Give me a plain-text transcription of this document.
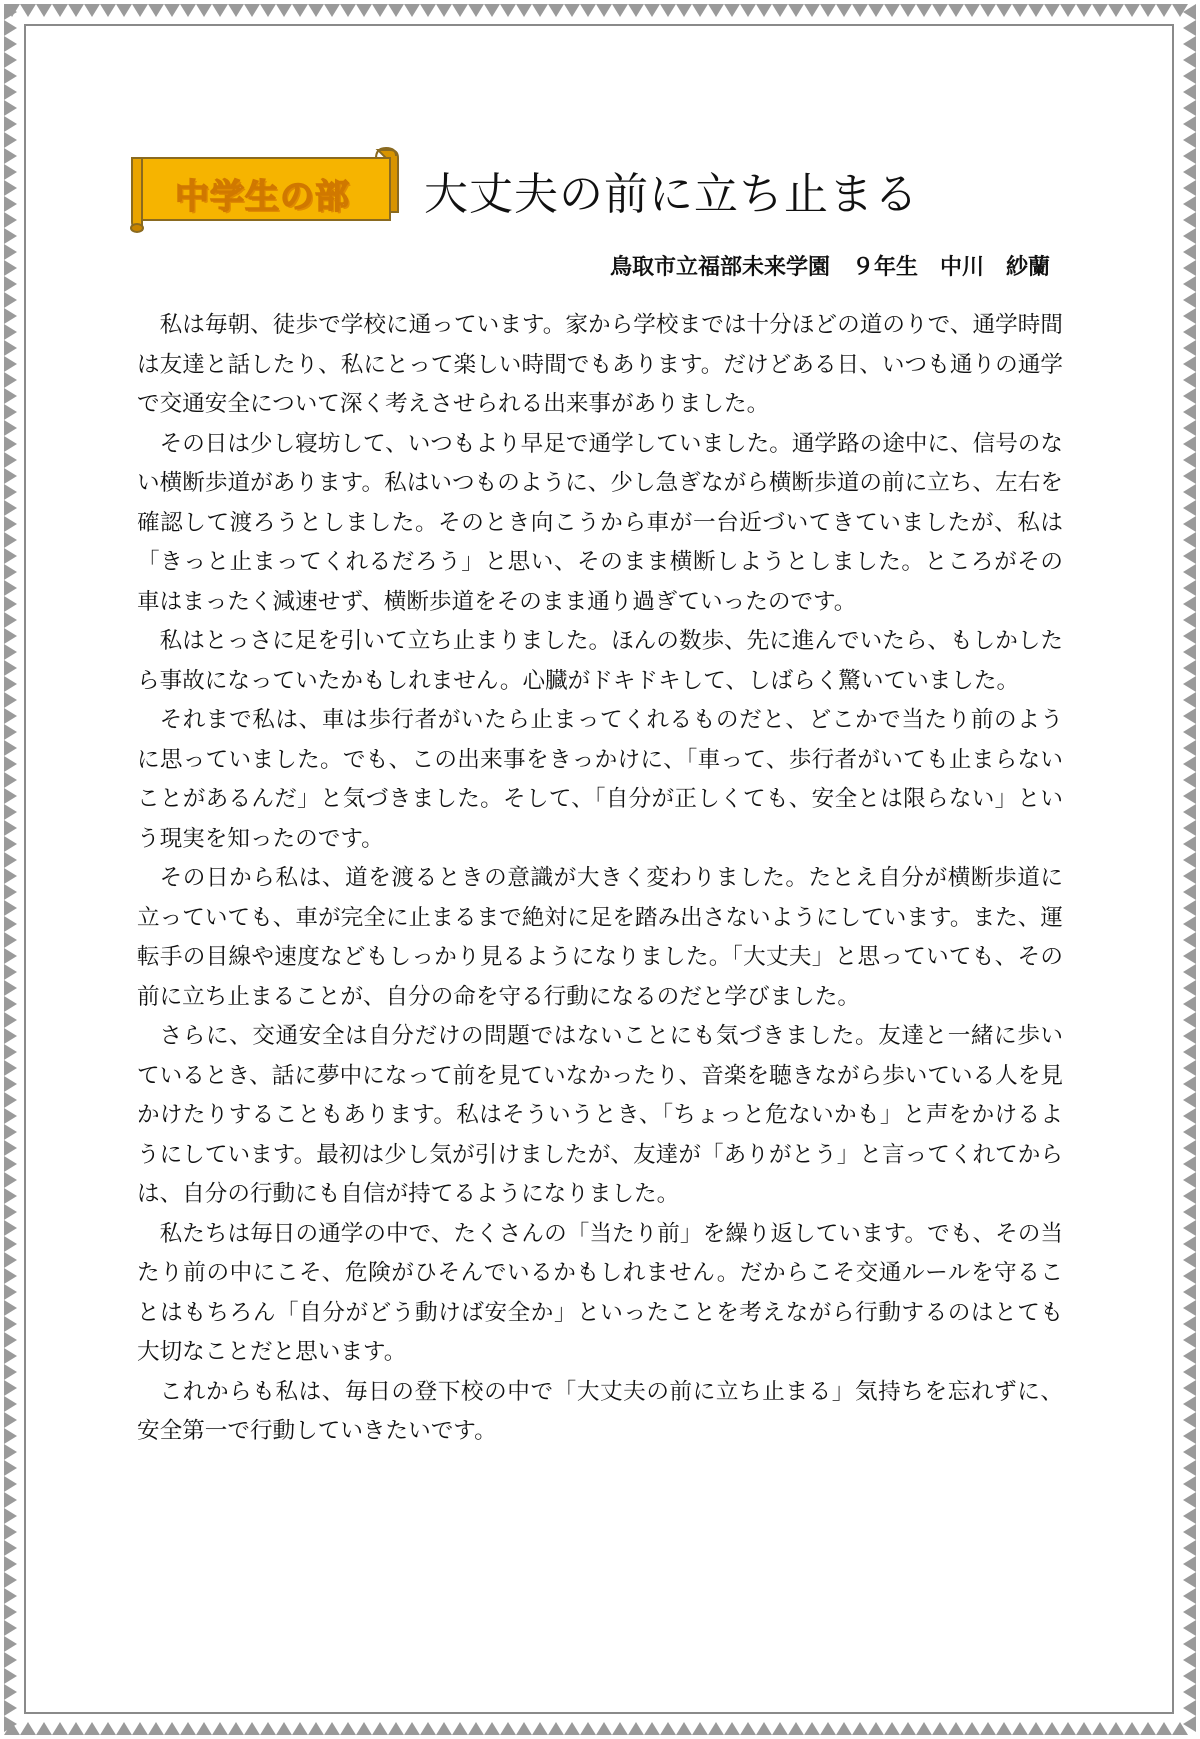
中学生の部	大丈夫の前に立ち止まる
鳥取市立福部未来学園　９年生　中川　紗蘭

私は毎朝、徒歩で学校に通っています。家から学校までは十分ほどの道のりで、通学時間は友達と話したり、私にとって楽しい時間でもあります。だけどある日、いつも通りの通学で交通安全について深く考えさせられる出来事がありました。

その日は少し寝坊して、いつもより早足で通学していました。通学路の途中に、信号のない横断歩道があります。私はいつものように、少し急ぎながら横断歩道の前に立ち、左右を確認して渡ろうとしました。そのとき向こうから車が一台近づいてきていましたが、私は「きっと止まってくれるだろう」と思い、そのまま横断しようとしました。ところがその車はまったく減速せず、横断歩道をそのまま通り過ぎていったのです。

私はとっさに足を引いて立ち止まりました。ほんの数歩、先に進んでいたら、もしかしたら事故になっていたかもしれません。心臓がドキドキして、しばらく驚いていました。

それまで私は、車は歩行者がいたら止まってくれるものだと、どこかで当たり前のように思っていました。でも、この出来事をきっかけに、「車って、歩行者がいても止まらないことがあるんだ」と気づきました。そして、「自分が正しくても、安全とは限らない」という現実を知ったのです。

その日から私は、道を渡るときの意識が大きく変わりました。たとえ自分が横断歩道に立っていても、車が完全に止まるまで絶対に足を踏み出さないようにしています。また、運転手の目線や速度などもしっかり見るようになりました。「大丈夫」と思っていても、その前に立ち止まることが、自分の命を守る行動になるのだと学びました。

さらに、交通安全は自分だけの問題ではないことにも気づきました。友達と一緒に歩いているとき、話に夢中になって前を見ていなかったり、音楽を聴きながら歩いている人を見かけたりすることもあります。私はそういうとき、「ちょっと危ないかも」と声をかけるようにしています。最初は少し気が引けましたが、友達が「ありがとう」と言ってくれてからは、自分の行動にも自信が持てるようになりました。

私たちは毎日の通学の中で、たくさんの「当たり前」を繰り返しています。でも、その当たり前の中にこそ、危険がひそんでいるかもしれません。だからこそ交通ルールを守ることはもちろん「自分がどう動けば安全か」といったことを考えながら行動するのはとても大切なことだと思います。

これからも私は、毎日の登下校の中で「大丈夫の前に立ち止まる」気持ちを忘れずに、安全第一で行動していきたいです。
